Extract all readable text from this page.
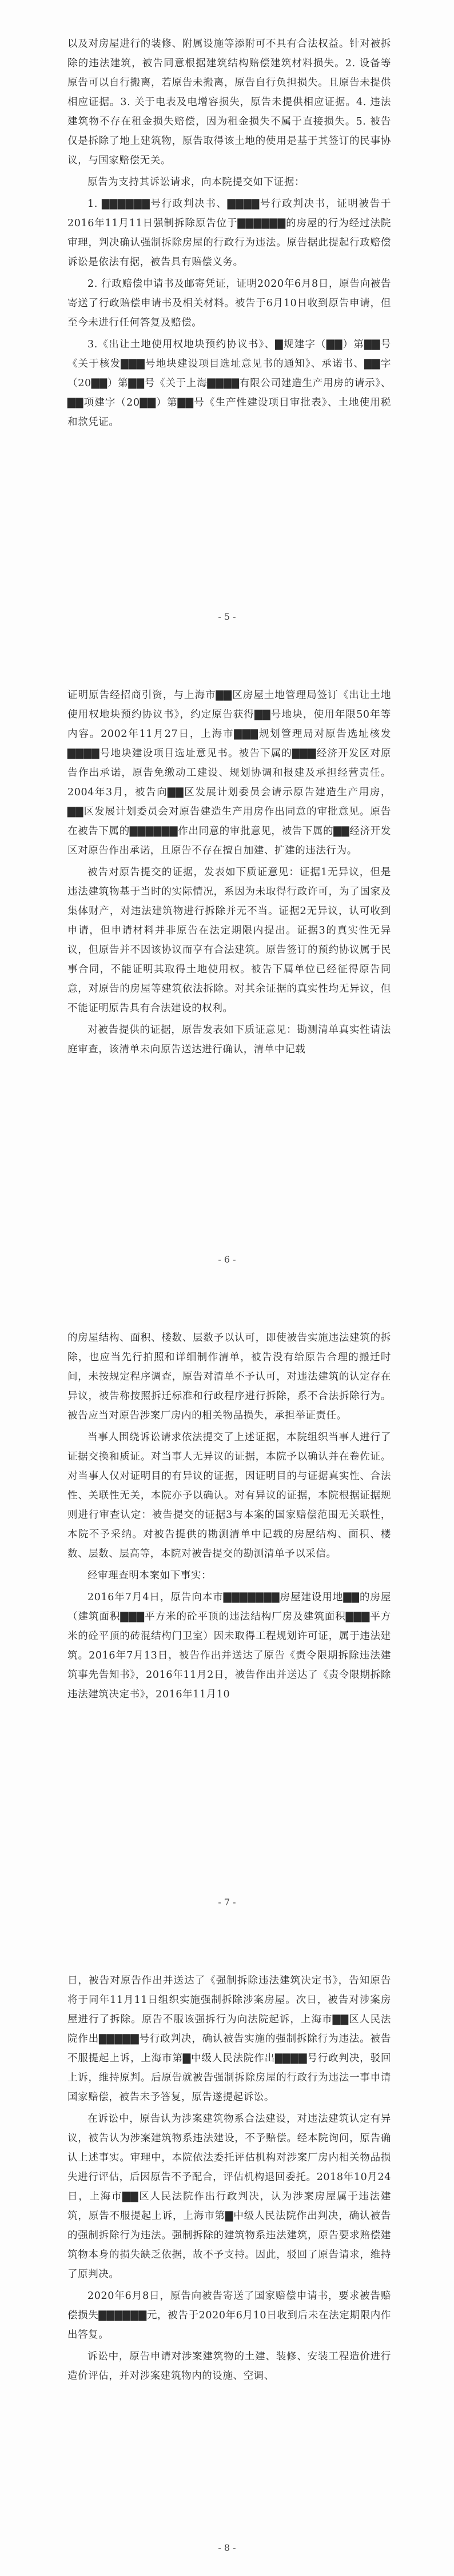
以及对房屋进行的装修、附属设施等添附可不具有合法权益。针对被拆除的违法建筑，被告同意根据建筑结构赔偿建筑材料损失。2. 设备等原告可以自行搬离，若原告未搬离，原告自行负担损失。且原告未提供相应证据。3. 关于电表及电增容损失，原告未提供相应证据。4. 违法建筑物不存在租金损失赔偿，因为租金损失不属于直接损失。5. 被告仅是拆除了地上建筑物，原告取得该土地的使用是基于其签订的民事协议，与国家赔偿无关。

原告为支持其诉讼请求，向本院提交如下证据：

1. ▇▇▇▇▇▇号行政判决书、▇▇▇▇号行政判决书，证明被告于2016年11月11日强制拆除原告位于▇▇▇▇▇▇的房屋的行为经过法院审理，判决确认强制拆除房屋的行政行为违法。原告据此提起行政赔偿诉讼是依法有据，被告具有赔偿义务。

2. 行政赔偿申请书及邮寄凭证，证明2020年6月8日，原告向被告寄送了行政赔偿申请书及相关材料。被告于6月10日收到原告申请，但至今未进行任何答复及赔偿。

3.《出让土地使用权地块预约协议书》、▇规建字（▇▇）第▇▇号《关于核发▇▇▇号地块建设项目选址意见书的通知》、承诺书、▇▇字（20▇▇）第▇▇号《关于上海▇▇▇▇有限公司建造生产用房的请示》、▇▇项建字（20▇▇）第▇▇号《生产性建设项目审批表》、土地使用税和款凭证。

- 5 -

证明原告经招商引资，与上海市▇▇区房屋土地管理局签订《出让土地使用权地块预约协议书》，约定原告获得▇▇号地块，使用年限50年等内容。2002年11月27日，上海市▇▇▇规划管理局对原告选址核发▇▇▇▇号地块建设项目选址意见书。被告下属的▇▇▇经济开发区对原告作出承诺，原告免缴动工建设、规划协调和报建及承担经营责任。2004年3月，被告向▇▇区发展计划委员会请示原告建造生产用房，▇▇区发展计划委员会对原告建造生产用房作出同意的审批意见。原告在被告下属的▇▇▇▇▇▇作出同意的审批意见，被告下属的▇▇经济开发区对原告作出承诺，且原告不存在擅自加建、扩建的违法行为。

被告对原告提交的证据，发表如下质证意见：证据1无异议，但是违法建筑物基于当时的实际情况，系因为未取得行政许可，为了国家及集体财产，对违法建筑物进行拆除并无不当。证据2无异议，认可收到申请，但申请材料并非原告在法定期限内提出。证据3的真实性无异议，但原告并不因该协议而享有合法建筑。原告签订的预约协议属于民事合同，不能证明其取得土地使用权。被告下属单位已经征得原告同意，对原告的房屋等建筑依法拆除。对其余证据的真实性均无异议，但不能证明原告具有合法建设的权利。

对被告提供的证据，原告发表如下质证意见：勘测清单真实性请法庭审查，该清单未向原告送达进行确认，清单中记载

- 6 -

的房屋结构、面积、楼数、层数予以认可，即使被告实施违法建筑的拆除，也应当先行拍照和详细制作清单，被告没有给原告合理的搬迁时间，未按规定程序调查，原告对清单不予认可，对违法建筑的认定存在异议，被告称按照拆迁标准和行政程序进行拆除，系不合法拆除行为。被告应当对原告涉案厂房内的相关物品损失，承担举证责任。

当事人围绕诉讼请求依法提交了上述证据，本院组织当事人进行了证据交换和质证。对当事人无异议的证据，本院予以确认并在卷佐证。对当事人仅对证明目的有异议的证据，因证明目的与证据真实性、合法性、关联性无关，本院亦予以确认。对有异议的证据，本院根据证据规则进行审查认定：被告提交的证据3与本案的国家赔偿范围无关联性，本院不予采纳。对被告提供的勘测清单中记载的房屋结构、面积、楼数、层数、层高等，本院对被告提交的勘测清单予以采信。

经审理查明本案如下事实：

2016年7月4日，原告向本市▇▇▇▇▇▇▇房屋建设用地▇▇的房屋（建筑面积▇▇▇平方米的砼平顶的违法结构厂房及建筑面积▇▇▇平方米的砼平顶的砖混结构门卫室）因未取得工程规划许可证，属于违法建筑。2016年7月13日，被告作出并送达了原告《责令限期拆除违法建筑事先告知书》，2016年11月2日，被告作出并送达了《责令限期拆除违法建筑决定书》，2016年11月10

- 7 -

日，被告对原告作出并送达了《强制拆除违法建筑决定书》，告知原告将于同年11月11日组织实施强制拆除涉案房屋。次日，被告对涉案房屋进行了拆除。原告不服该强拆行为向法院起诉，上海市▇▇区人民法院作出▇▇▇▇▇号行政判决，确认被告实施的强制拆除行为违法。被告不服提起上诉，上海市第▇中级人民法院作出▇▇▇▇号行政判决，驳回上诉，维持原判。后原告就被告强制拆除房屋的行政行为违法一事申请国家赔偿，被告未予答复，原告遂提起诉讼。

在诉讼中，原告认为涉案建筑物系合法建设，对违法建筑认定有异议，被告认为涉案建筑物系违法建设，不予赔偿。经本院询问，原告确认上述事实。审理中，本院依法委托评估机构对涉案厂房内相关物品损失进行评估，后因原告不予配合，评估机构退回委托。2018年10月24日，上海市▇▇区人民法院作出行政判决，认为涉案房屋属于违法建筑，原告不服提起上诉，上海市第▇中级人民法院作出判决，确认被告的强制拆除行为违法。强制拆除的建筑物系违法建筑，原告要求赔偿建筑物本身的损失缺乏依据，故不予支持。因此，驳回了原告请求，维持了原判决。

2020年6月8日，原告向被告寄送了国家赔偿申请书，要求被告赔偿损失▇▇▇▇▇▇元，被告于2020年6月10日收到后未在法定期限内作出答复。

诉讼中，原告申请对涉案建筑物的土建、装修、安装工程造价进行造价评估，并对涉案建筑物内的设施、空调、

- 8 -
